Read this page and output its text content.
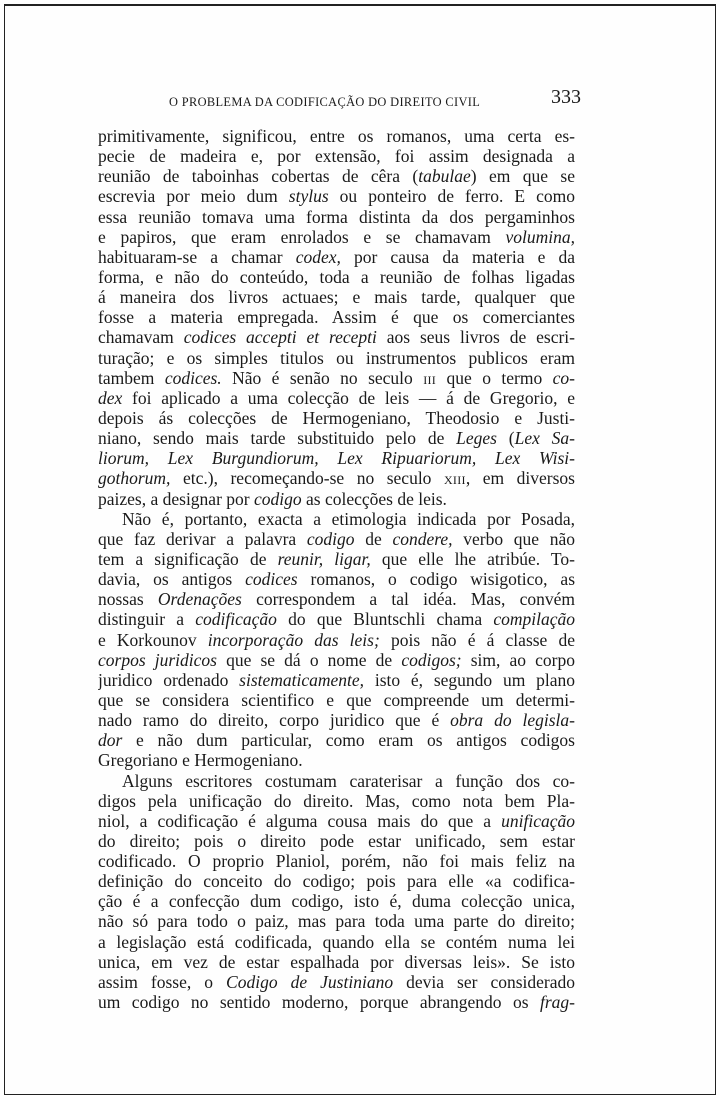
O PROBLEMA DA CODIFICAÇÃO DO DIREITO CIVIL	333
primitivamente, significou, entre os romanos, uma certa es-
pecie de madeira e, por extensão, foi assim designada a
reunião de taboinhas cobertas de cêra (tabulae) em que se
escrevia por meio dum stylus ou ponteiro de ferro. E como
essa reunião tomava uma forma distinta da dos pergaminhos
e papiros, que eram enrolados e se chamavam volumina,
habituaram-se a chamar codex, por causa da materia e da
forma, e não do conteúdo, toda a reunião de folhas ligadas
á maneira dos livros actuaes; e mais tarde, qualquer que
fosse a materia empregada. Assim é que os comerciantes
chamavam codices accepti et recepti aos seus livros de escri-
turação; e os simples titulos ou instrumentos publicos eram
tambem codices. Não é senão no seculo iii que o termo co-
dex foi aplicado a uma colecção de leis — á de Gregorio, e
depois ás colecções de Hermogeniano, Theodosio e Justi-
niano, sendo mais tarde substituido pelo de Leges (Lex Sa-
liorum, Lex Burgundiorum, Lex Ripuariorum, Lex Wisi-
gothorum, etc.), recomeçando-se no seculo xiii, em diversos
paizes, a designar por codigo as colecções de leis.
Não é, portanto, exacta a etimologia indicada por Posada,
que faz derivar a palavra codigo de condere, verbo que não
tem a significação de reunir, ligar, que elle lhe atribúe. To-
davia, os antigos codices romanos, o codigo wisigotico, as
nossas Ordenações correspondem a tal idéa. Mas, convém
distinguir a codificação do que Bluntschli chama compilação
e Korkounov incorporação das leis; pois não é á classe de
corpos juridicos que se dá o nome de codigos; sim, ao corpo
juridico ordenado sistematicamente, isto é, segundo um plano
que se considera scientifico e que compreende um determi-
nado ramo do direito, corpo juridico que é obra do legisla-
dor e não dum particular, como eram os antigos codigos
Gregoriano e Hermogeniano.
Alguns escritores costumam caraterisar a função dos co-
digos pela unificação do direito. Mas, como nota bem Pla-
niol, a codificação é alguma cousa mais do que a unificação
do direito; pois o direito pode estar unificado, sem estar
codificado. O proprio Planiol, porém, não foi mais feliz na
definição do conceito do codigo; pois para elle «a codifica-
ção é a confecção dum codigo, isto é, duma colecção unica,
não só para todo o paiz, mas para toda uma parte do direito;
a legislação está codificada, quando ella se contém numa lei
unica, em vez de estar espalhada por diversas leis». Se isto
assim fosse, o Codigo de Justiniano devia ser considerado
um codigo no sentido moderno, porque abrangendo os frag-
